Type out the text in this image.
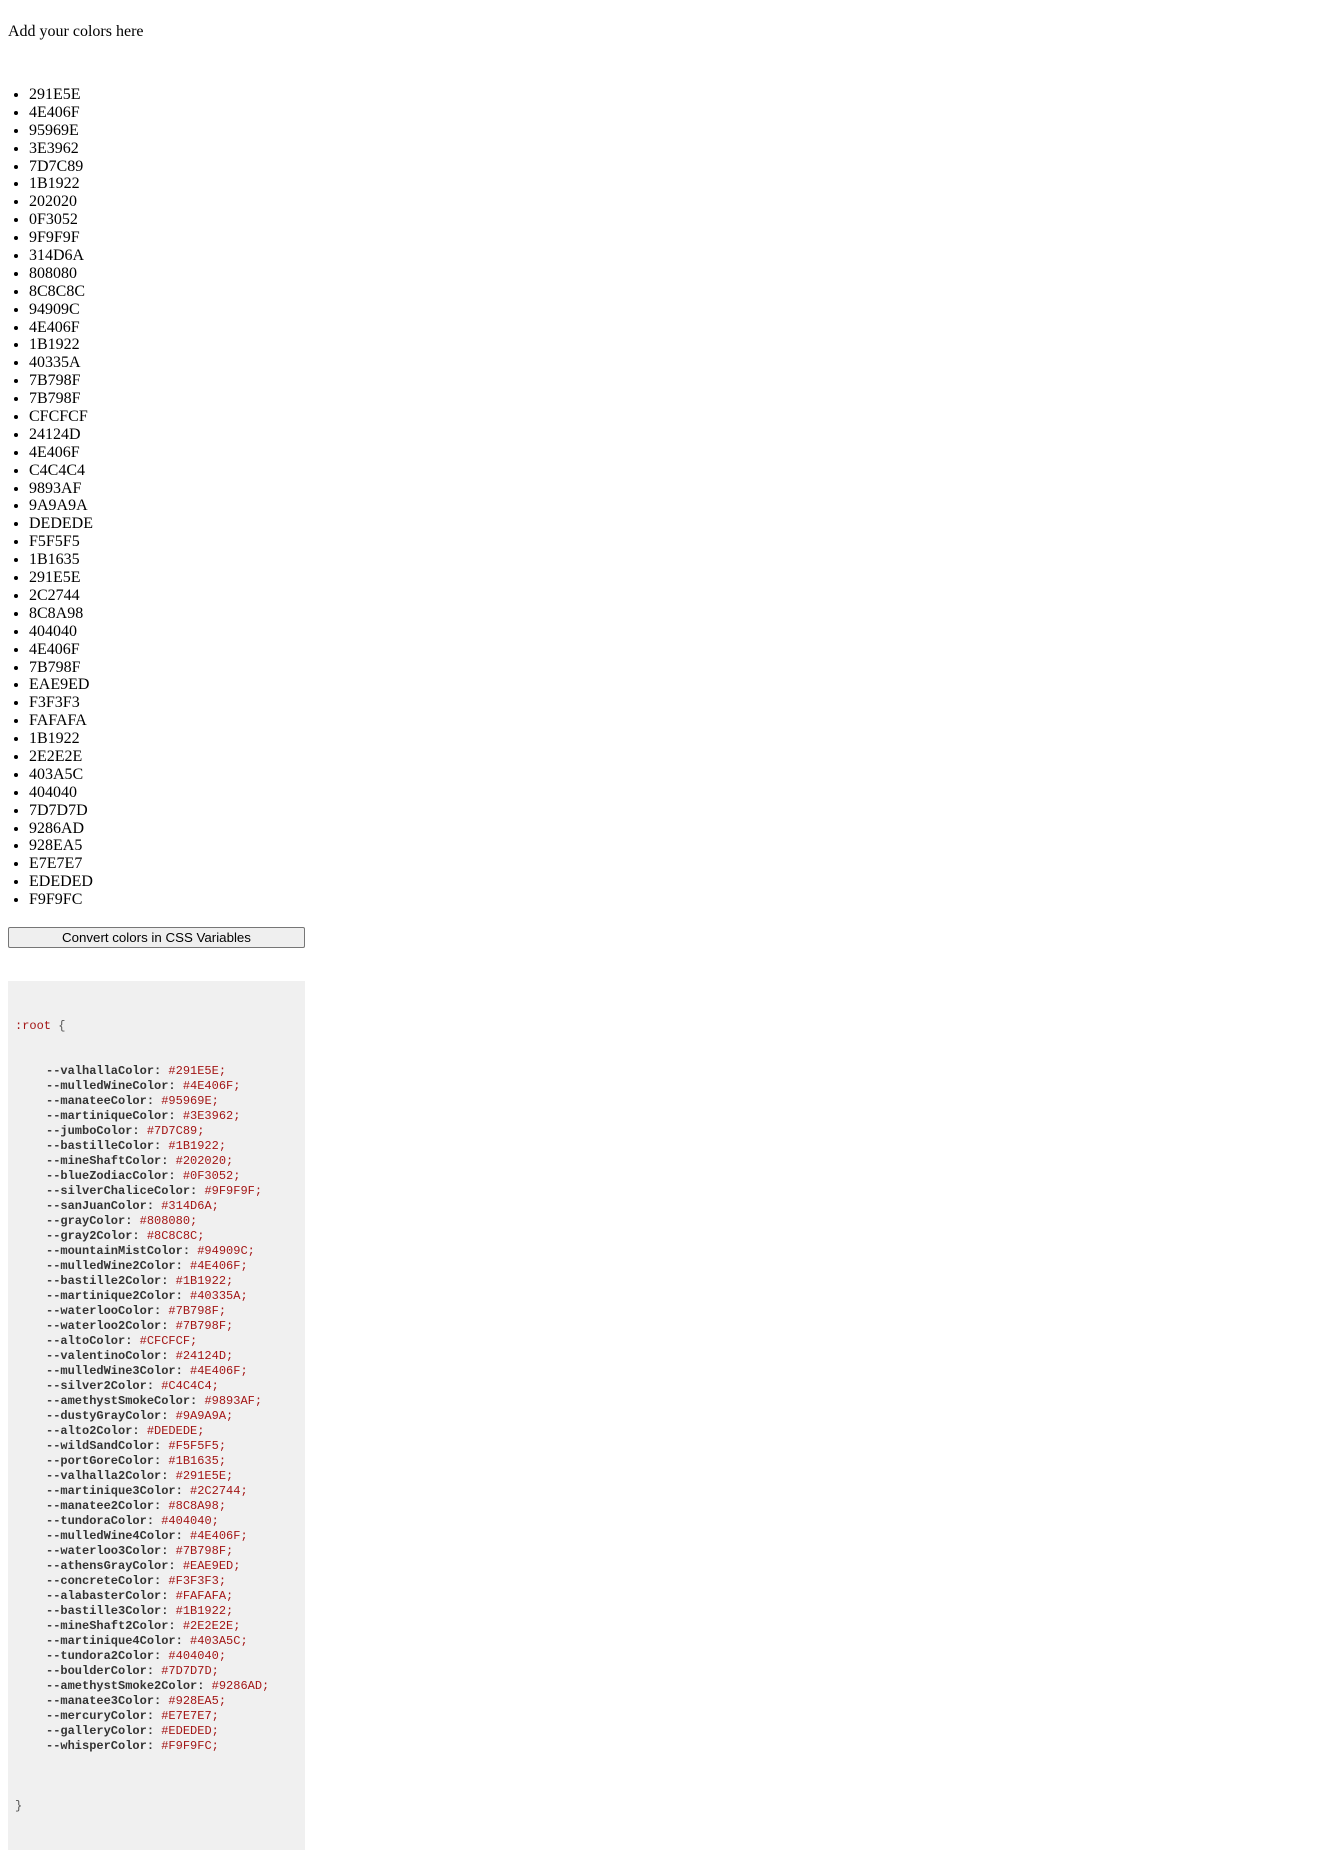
Add your colors here

• 291E5E
• 4E406F
• 95969E
• 3E3962
• 7D7C89
• 1B1922
• 202020
• 0F3052
• 9F9F9F
• 314D6A
• 808080
• 8C8C8C
• 94909C
• 4E406F
• 1B1922
• 40335A
• 7B798F
• 7B798F
• CFCFCF
• 24124D
• 4E406F
• C4C4C4
• 9893AF
• 9A9A9A
• DEDEDE
• F5F5F5
• 1B1635
• 291E5E
• 2C2744
• 8C8A98
• 404040
• 4E406F
• 7B798F
• EAE9ED
• F3F3F3
• FAFAFA
• 1B1922
• 2E2E2E
• 403A5C
• 404040
• 7D7D7D
• 9286AD
• 928EA5
• E7E7E7
• EDEDED
• F9F9FC
Convert colors in CSS Variables

:root {

--valhallaColor: #291E5E;
--mulledWineColor: #4E406F;
--manateeColor: #95969E;
--martiniqueColor: #3E3962;
--jumboColor: #7D7C89;
--bastilleColor: #1B1922;
--mineShaftColor: #202020;
--blueZodiacColor: #0F3052;
--silverChaliceColor: #9F9F9F;
--sanJuanColor: #314D6A;
--grayColor: #808080;
--gray2Color: #8C8C8C;
--mountainMistColor: #94909C;
--mulledWine2Color: #4E406F;
--bastille2Color: #1B1922;
--martinique2Color: #40335A;
--waterlooColor: #7B798F;
--waterloo2Color: #7B798F;
--altoColor: #CFCFCF;
--valentinoColor: #24124D;
--mulledWine3Color: #4E406F;
--silver2Color: #C4C4C4;
--amethystSmokeColor: #9893AF;
--dustyGrayColor: #9A9A9A;
--alto2Color: #DEDEDE;
--wildSandColor: #F5F5F5;
--portGoreColor: #1B1635;
--valhalla2Color: #291E5E;
--martinique3Color: #2C2744;
--manatee2Color: #8C8A98;
--tundoraColor: #404040;
--mulledWine4Color: #4E406F;
--waterloo3Color: #7B798F;
--athensGrayColor: #EAE9ED;
--concreteColor: #F3F3F3;
--alabasterColor: #FAFAFA;
--bastille3Color: #1B1922;
--mineShaft2Color: #2E2E2E;
--martinique4Color: #403A5C;
--tundora2Color: #404040;
--boulderColor: #7D7D7D;
--amethystSmoke2Color: #9286AD;
--manatee3Color: #928EA5;
--mercuryColor: #E7E7E7;
--galleryColor: #EDEDED;
--whisperColor: #F9F9FC;

}
